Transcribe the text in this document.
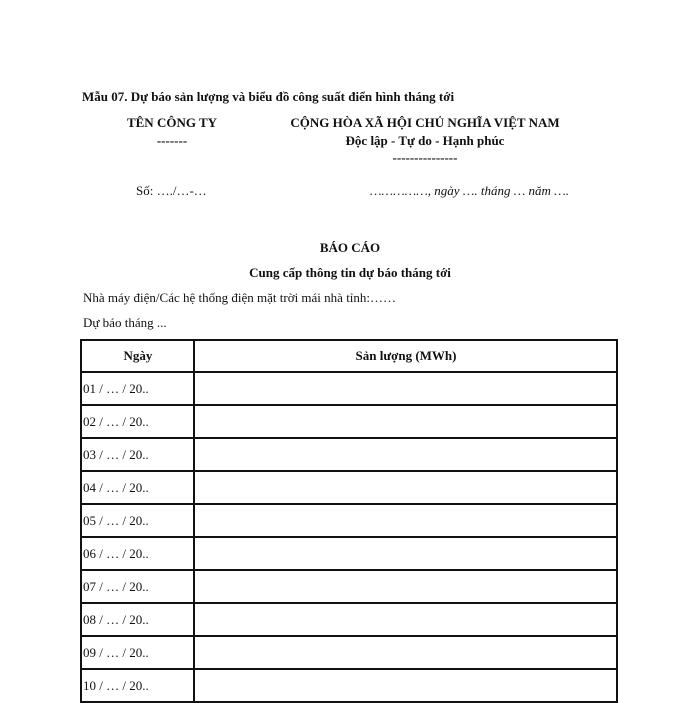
Mẫu 07. Dự báo sản lượng và biểu đồ công suất điển hình tháng tới
TÊN CÔNG TY
-------
CỘNG HÒA XÃ HỘI CHỦ NGHĨA VIỆT NAM
Độc lập - Tự do - Hạnh phúc
---------------
Số: …./…-…	……………, ngày …. tháng … năm ….
BÁO CÁO
Cung cấp thông tin dự báo tháng tới
Nhà máy điện/Các hệ thống điện mặt trời mái nhà tỉnh:……
Dự báo tháng ...
Ngày	Sản lượng (MWh)
01 / … / 20..	
02 / … / 20..	
03 / … / 20..	
04 / … / 20..	
05 / … / 20..	
06 / … / 20..	
07 / … / 20..	
08 / … / 20..	
09 / … / 20..	
10 / … / 20..	
